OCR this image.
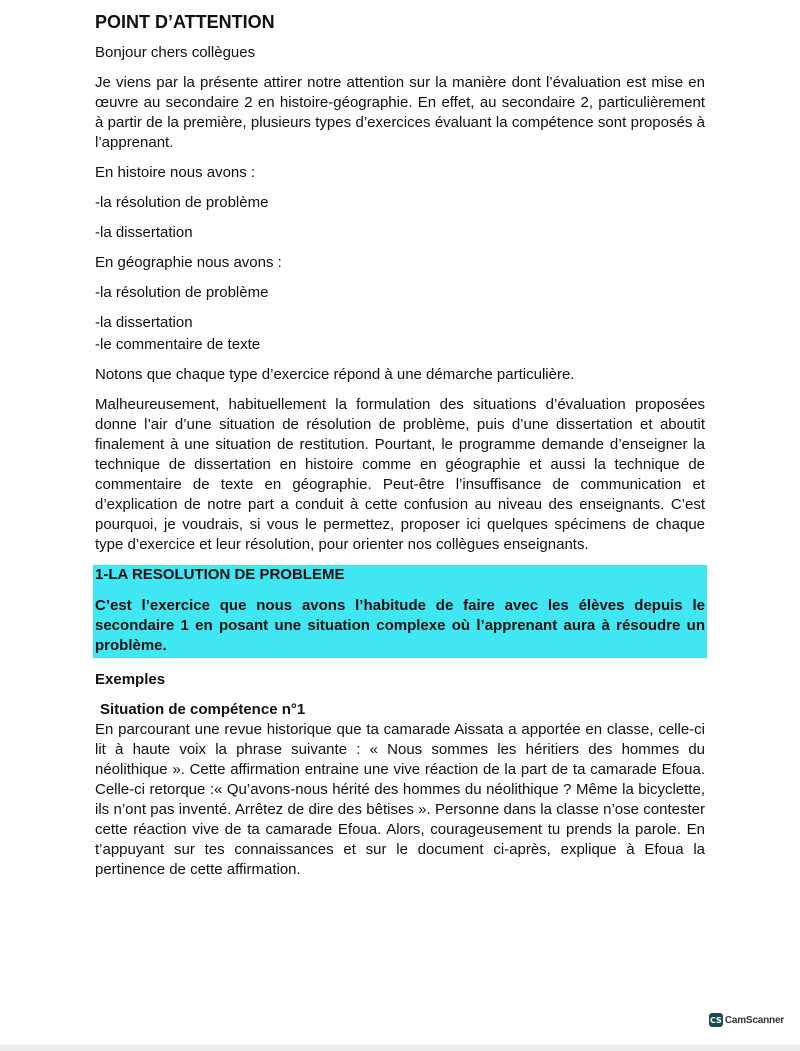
POINT D’ATTENTION

Bonjour chers collègues

Je viens par la présente attirer notre attention sur la manière dont l’évaluation est mise en œuvre au secondaire 2 en histoire-géographie. En effet, au secondaire 2, particulièrement à partir de la première, plusieurs types d’exercices évaluant la compétence sont proposés à l’apprenant.

En histoire nous avons :

-la résolution de problème

-la dissertation

En géographie nous avons :

-la résolution de problème

-la dissertation

-le commentaire de texte

Notons que chaque type d’exercice répond à une démarche particulière.

Malheureusement, habituellement la formulation des situations d’évaluation proposées donne l’air d’une situation de résolution de problème, puis d’une dissertation et aboutit finalement à une situation de restitution. Pourtant, le programme demande d’enseigner la technique de dissertation en histoire comme en géographie et aussi la technique de commentaire de texte en géographie. Peut-être l’insuffisance de communication et d’explication de notre part a conduit à cette confusion au niveau des enseignants. C’est pourquoi, je voudrais, si vous le permettez, proposer ici quelques spécimens de chaque type d’exercice et leur résolution, pour orienter nos collègues enseignants.

1-LA RESOLUTION DE PROBLEME

C’est l’exercice que nous avons l’habitude de faire avec les élèves depuis le secondaire 1 en posant une situation complexe où l’apprenant aura à résoudre un problème.

Exemples

Situation de compétence n°1

En parcourant une revue historique que ta camarade Aissata a apportée en classe, celle-ci lit à haute voix la phrase suivante : « Nous sommes les héritiers des hommes du néolithique ». Cette affirmation entraine une vive réaction de la part de ta camarade Efoua. Celle-ci retorque :« Qu’avons-nous hérité des hommes du néolithique ? Même la bicyclette, ils n’ont pas inventé. Arrêtez de dire des bêtises ». Personne dans la classe n’ose contester cette réaction vive de ta camarade Efoua. Alors, courageusement tu prends la parole. En t’appuyant sur tes connaissances et sur le document ci-après, explique à Efoua la pertinence de cette affirmation.

CS CamScanner
